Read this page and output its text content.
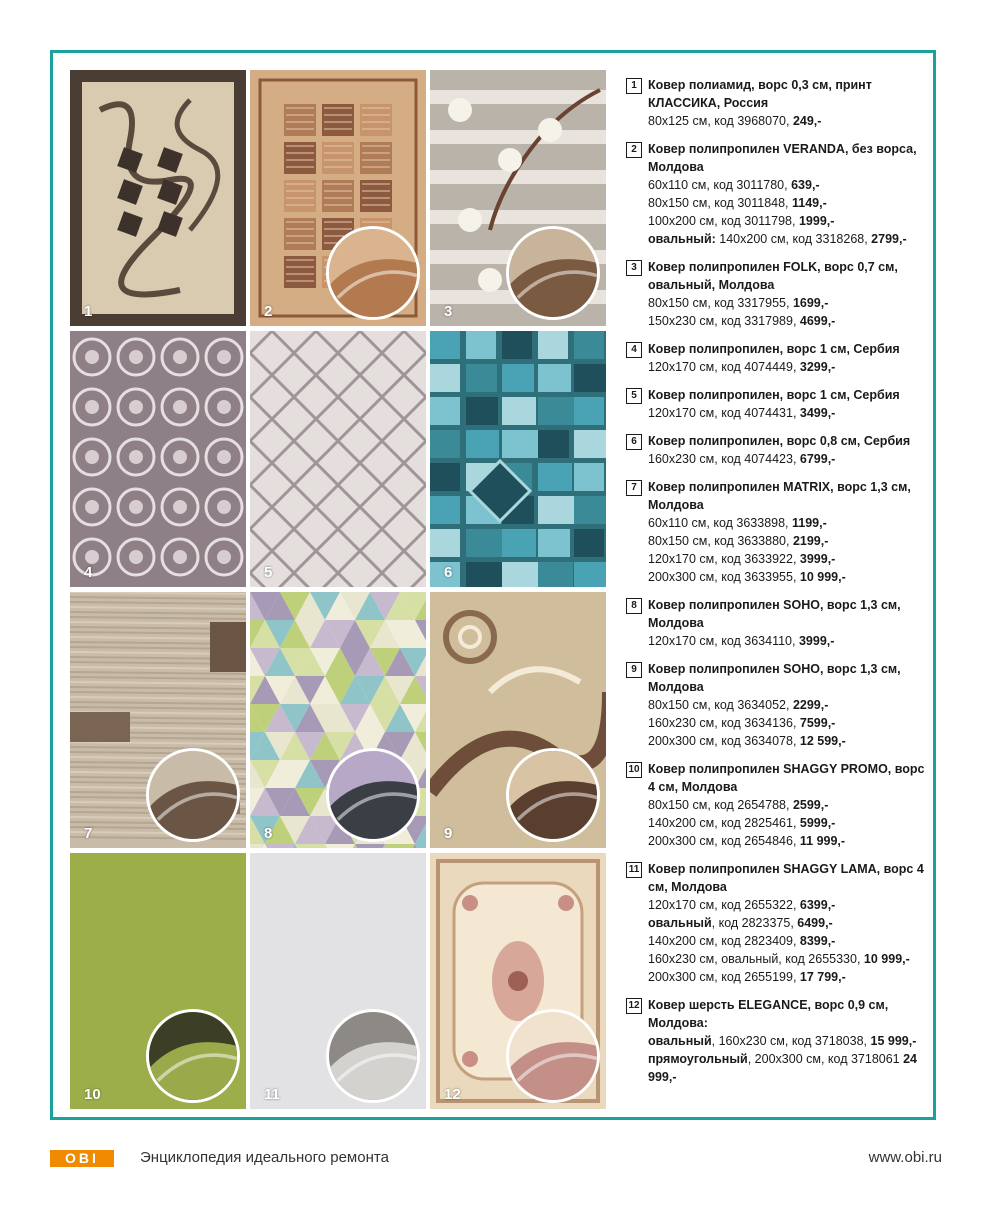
1	2	3
4	5	6
7	8	9
10	11	12
1 Ковер полиамид, ворс 0,3 см, принт КЛАССИКА, Россия
80х125 см, код 3968070, 249,-
2 Ковер полипропилен VERANDA, без ворса, Молдова
60х110 см, код 3011780, 639,-
80х150 см, код 3011848, 1149,-
100х200 см, код 3011798, 1999,-
овальный: 140х200 см, код 3318268, 2799,-
3 Ковер полипропилен FOLK, ворс 0,7 см, овальный, Молдова
80х150 см, код 3317955, 1699,-
150х230 см, код 3317989, 4699,-
4 Ковер полипропилен, ворс 1 см, Сербия
120х170 см, код 4074449, 3299,-
5 Ковер полипропилен, ворс 1 см, Сербия
120х170 см, код 4074431, 3499,-
6 Ковер полипропилен, ворс 0,8 см, Сербия
160х230 см, код 4074423, 6799,-
7 Ковер полипропилен MATRIX, ворс 1,3 см, Молдова
60х110 см, код 3633898, 1199,-
80х150 см, код 3633880, 2199,-
120х170 см, код 3633922, 3999,-
200х300 см, код 3633955, 10 999,-
8 Ковер полипропилен SOHO, ворс 1,3 см, Молдова
120х170 см, код 3634110, 3999,-
9 Ковер полипропилен SOHO, ворс 1,3 см, Молдова
80х150 см, код 3634052, 2299,-
160х230 см, код 3634136, 7599,-
200х300 см, код 3634078, 12 599,-
10 Ковер полипропилен SHAGGY PROMO, ворс 4 см, Молдова
80х150 см, код 2654788, 2599,-
140х200 см, код 2825461, 5999,-
200х300 см, код 2654846, 11 999,-
11 Ковер полипропилен SHAGGY LAMA, ворс 4 см, Молдова
120х170 см, код 2655322, 6399,-
овальный, код 2823375, 6499,-
140х200 см, код 2823409, 8399,-
160х230 см, овальный, код 2655330, 10 999,-
200х300 см, код 2655199, 17 799,-
12 Ковер шерсть ELEGANCE, ворс 0,9 см, Молдова:
овальный, 160х230 см, код 3718038, 15 999,-
прямоугольный, 200х300 см, код 3718061 24 999,-
OBI	Энциклопедия идеального ремонта	www.obi.ru
